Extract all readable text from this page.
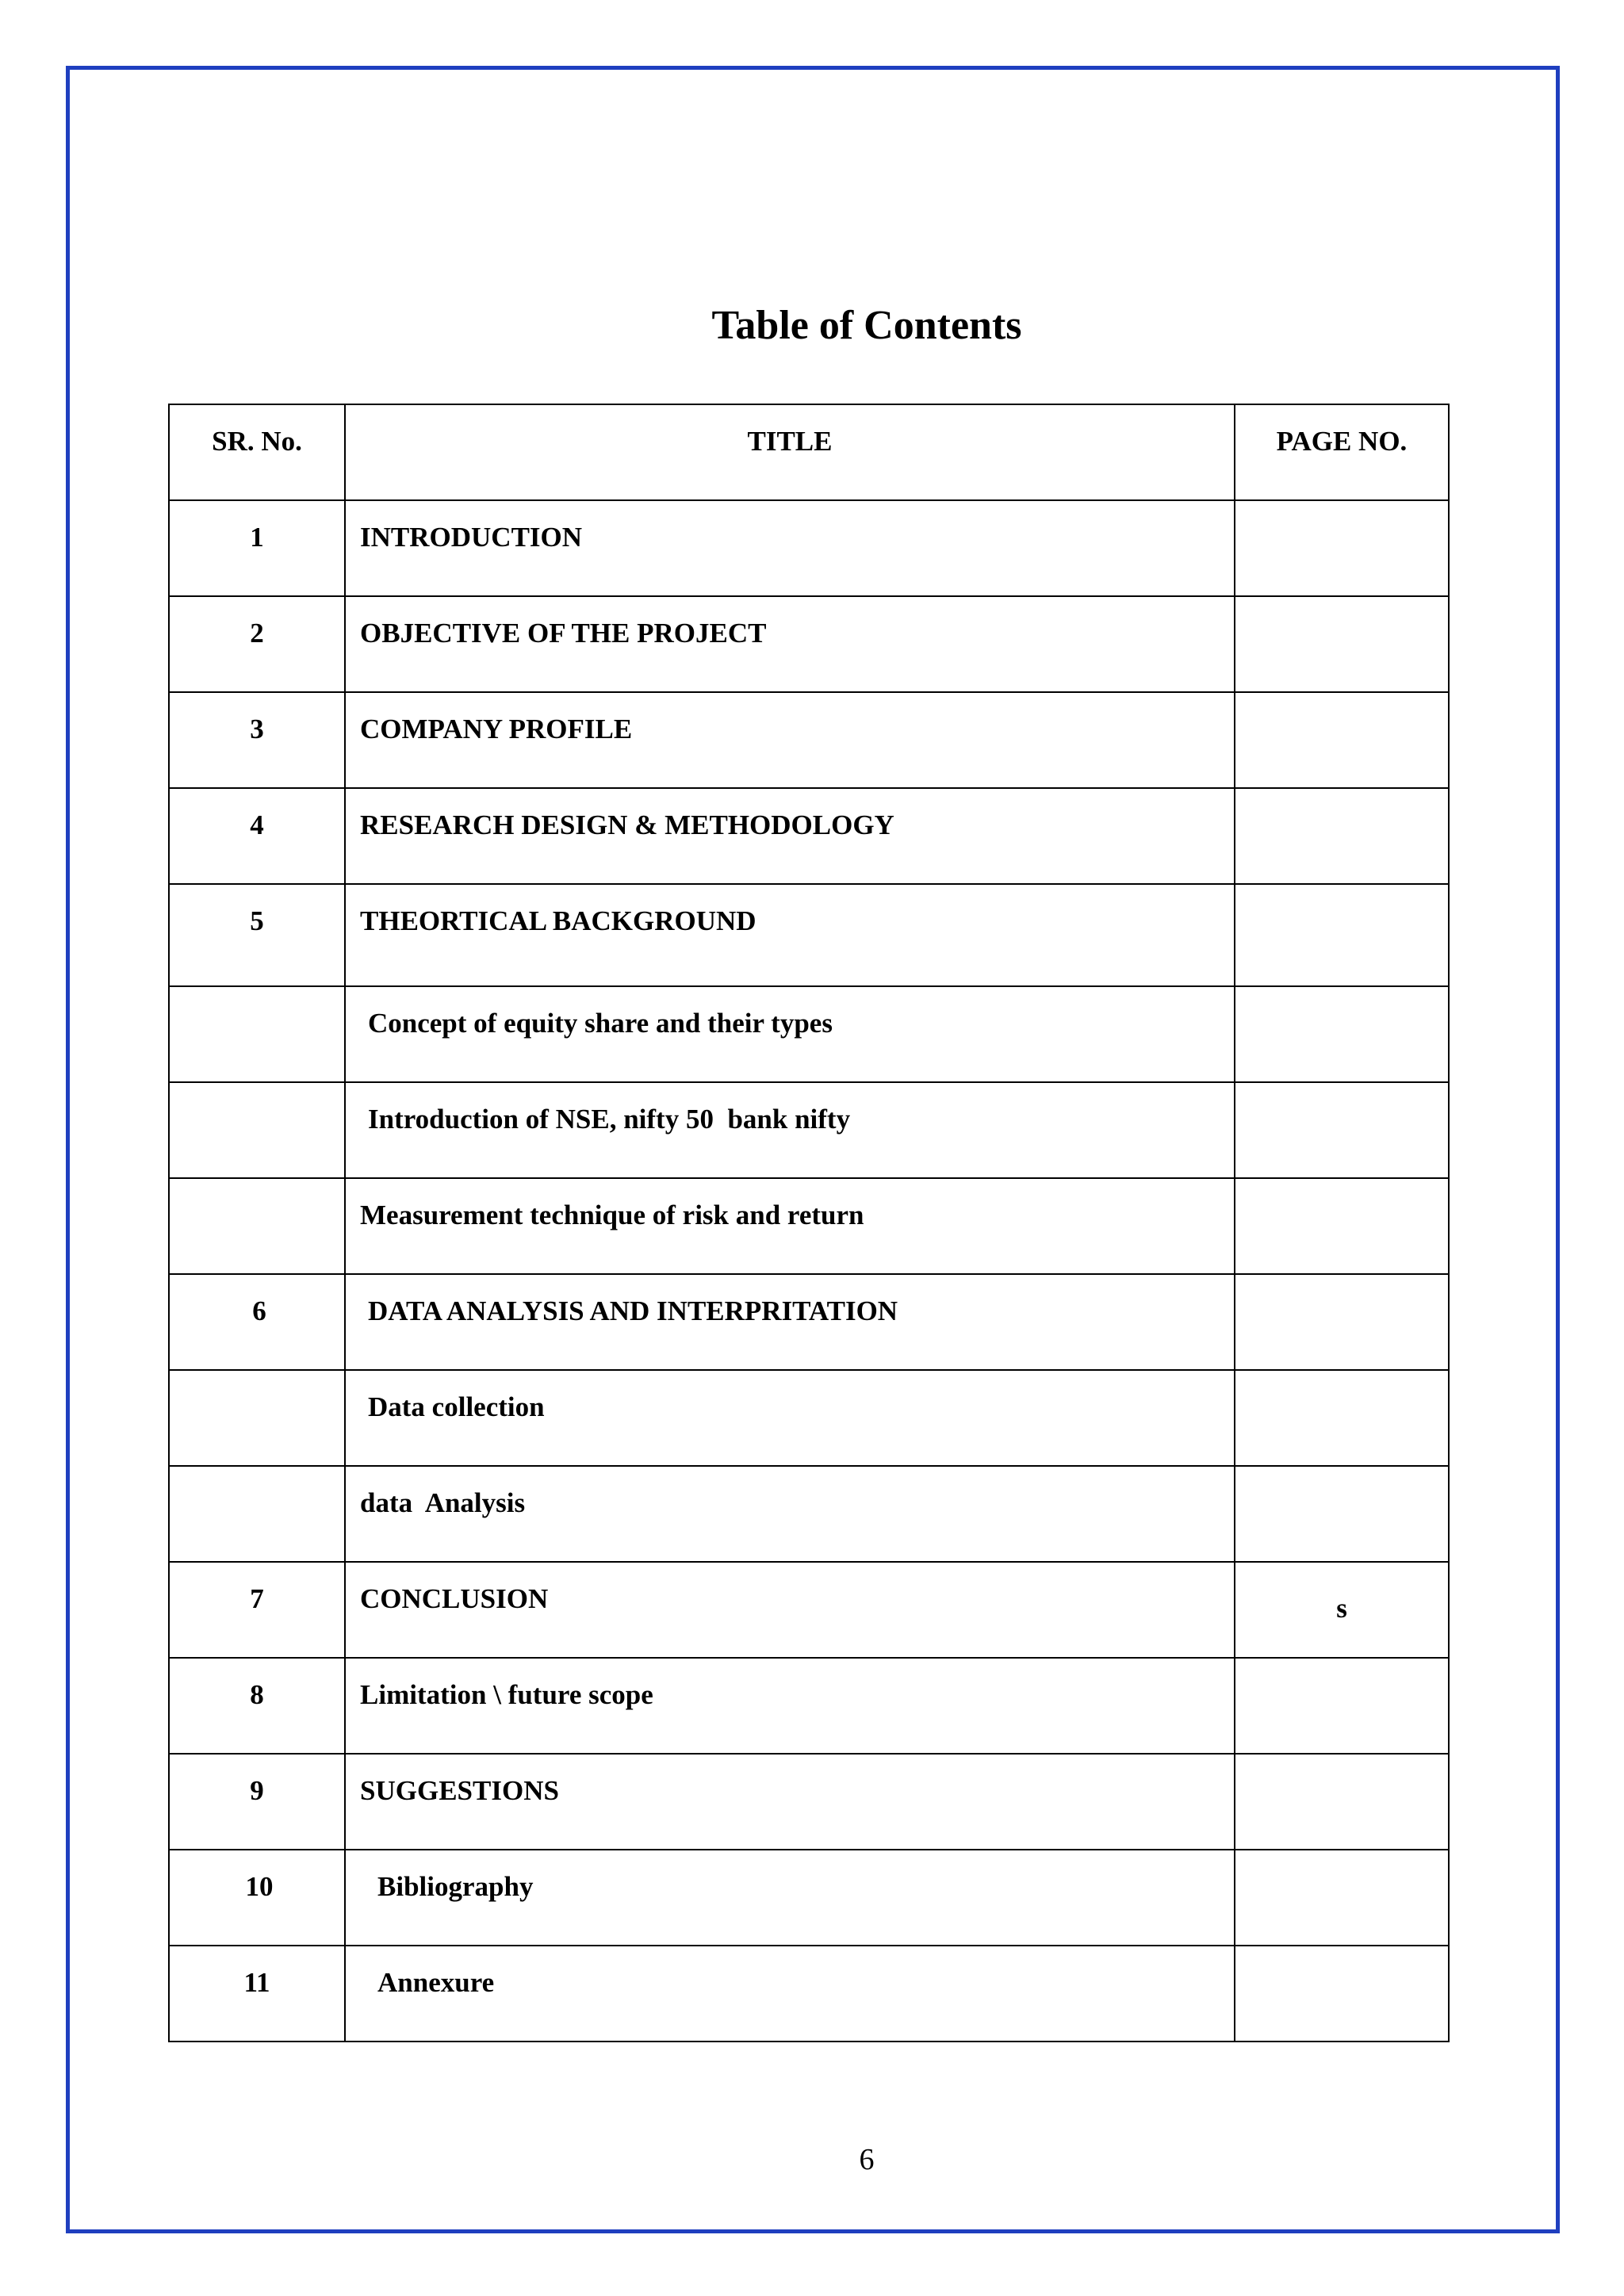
Table of Contents
SR. No.	TITLE	PAGE NO.
1	INTRODUCTION	
2	OBJECTIVE OF THE PROJECT	
3	COMPANY PROFILE	
4	RESEARCH DESIGN & METHODOLOGY	
5	THEORTICAL BACKGROUND	
	Concept of equity share and their types	
	Introduction of NSE, nifty 50  bank nifty	
	Measurement technique of risk and return	
6	DATA ANALYSIS AND INTERPRITATION	
	Data collection	
	data  Analysis	
7	CONCLUSION	s
8	Limitation \ future scope	
9	SUGGESTIONS	
10	Bibliography	
11	Annexure	
6
